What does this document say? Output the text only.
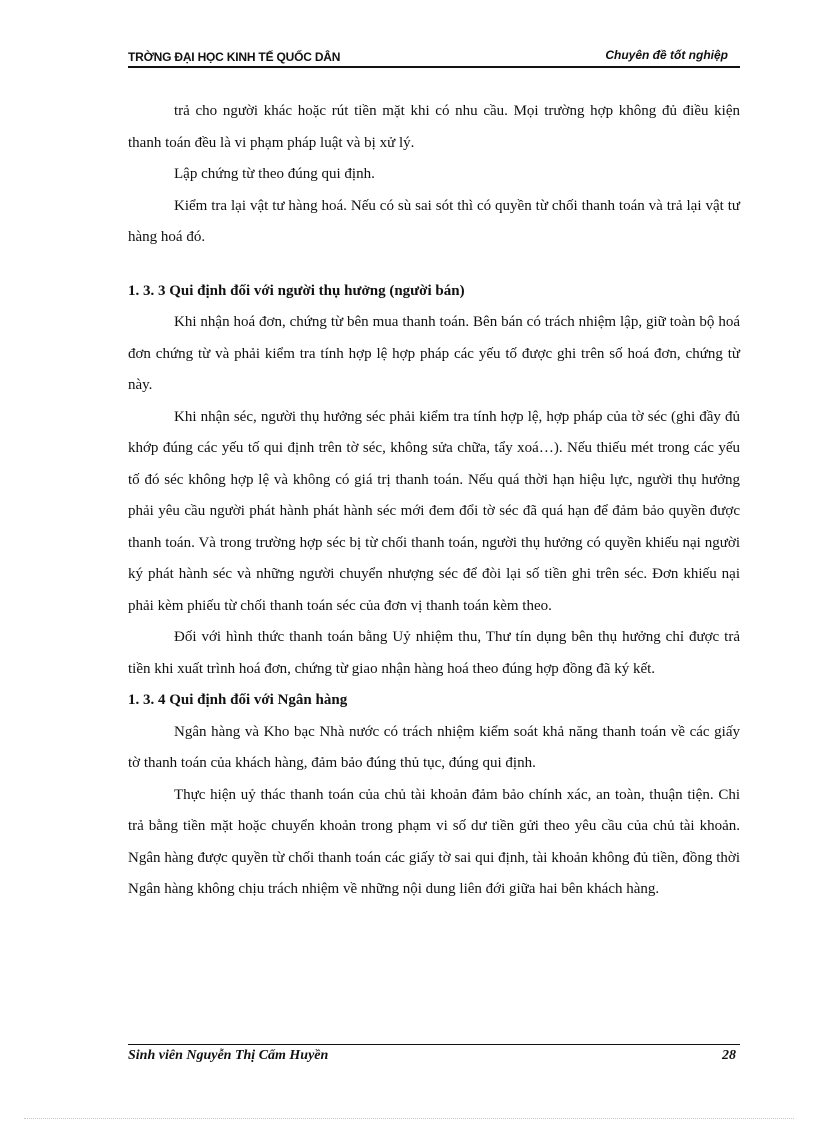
TRỜNG ĐẠI HỌC KINH TẾ QUỐC DÂN	Chuyên đề tốt nghiệp

trả cho người khác hoặc rút tiền mặt khi có nhu cầu. Mọi trường hợp không đủ điều kiện thanh toán đều là vi phạm pháp luật và bị xử lý.

Lập chứng từ theo đúng qui định.

Kiểm tra lại vật tư hàng hoá. Nếu có sù sai sót thì có quyền từ chối thanh toán và trả lại vật tư hàng hoá đó.

1. 3. 3 Qui định đối với người thụ hưởng (người bán)

Khi nhận hoá đơn, chứng từ bên mua thanh toán. Bên bán có trách nhiệm lập, giữ toàn bộ hoá đơn chứng từ và phải kiểm tra tính hợp lệ hợp pháp các yếu tố được ghi trên số hoá đơn, chứng từ này.

Khi nhận séc, người thụ hưởng séc phải kiểm tra tính hợp lệ, hợp pháp của tờ séc (ghi đầy đủ khớp đúng các yếu tố qui định trên tờ séc, không sửa chữa, tẩy xoá…). Nếu thiếu mét trong các yếu tố đó séc không hợp lệ và không có giá trị thanh toán. Nếu quá thời hạn hiệu lực, người thụ hưởng phải yêu cầu người phát hành phát hành séc mới đem đổi tờ séc đã quá hạn để đảm bảo quyền được thanh toán. Và trong trường hợp séc bị từ chối thanh toán, người thụ hưởng có quyền khiếu nại người ký phát hành séc và những người chuyển nhượng séc để đòi lại số tiền ghi trên séc. Đơn khiếu nại phải kèm phiếu từ chối thanh toán séc của đơn vị thanh toán kèm theo.

Đối với hình thức thanh toán bằng Uỷ nhiệm thu, Thư tín dụng bên thụ hưởng chỉ được trả tiền khi xuất trình hoá đơn, chứng từ giao nhận hàng hoá theo đúng hợp đồng đã ký kết.

1. 3. 4 Qui định đối với Ngân hàng

Ngân hàng và Kho bạc Nhà nước có trách nhiệm kiểm soát khả năng thanh toán về các giấy tờ thanh toán của khách hàng, đảm bảo đúng thủ tục, đúng qui định.

Thực hiện uỷ thác thanh toán của chủ tài khoản đảm bảo chính xác, an toàn, thuận tiện. Chi trả bằng tiền mặt hoặc chuyển khoản trong phạm vi số dư tiền gửi theo yêu cầu của chủ tài khoản. Ngân hàng được quyền từ chối thanh toán các giấy tờ sai qui định, tài khoản không đủ tiền, đồng thời Ngân hàng không chịu trách nhiệm về những nội dung liên đới giữa hai bên khách hàng.

Sinh viên Nguyễn Thị Cẩm Huyền	28
